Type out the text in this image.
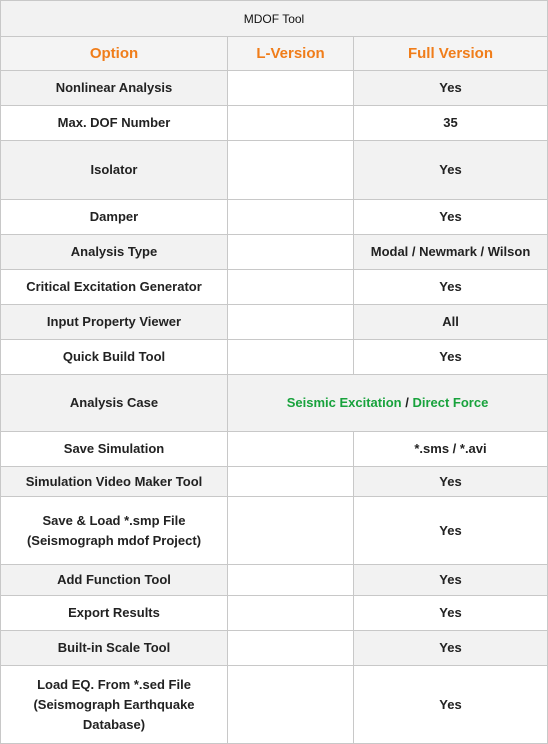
MDOF Tool		
Option	L-Version	Full Version

Nonlinear Analysis		Yes

Max. DOF Number		35

Isolator		Yes

Damper		Yes

Analysis Type		Modal / Newmark / Wilson

Critical Excitation Generator		Yes

Input Property Viewer		All

Quick Build Tool		Yes

Analysis Case	Seismic Excitation / Direct Force	

Save Simulation		*.sms / *.avi

Simulation Video Maker Tool		Yes

Save & Load *.smp File
(Seismograph mdof Project)		Yes

Add Function Tool		Yes

Export Results		Yes

Built-in Scale Tool		Yes

Load EQ. From *.sed File
(Seismograph Earthquake
Database)		Yes
